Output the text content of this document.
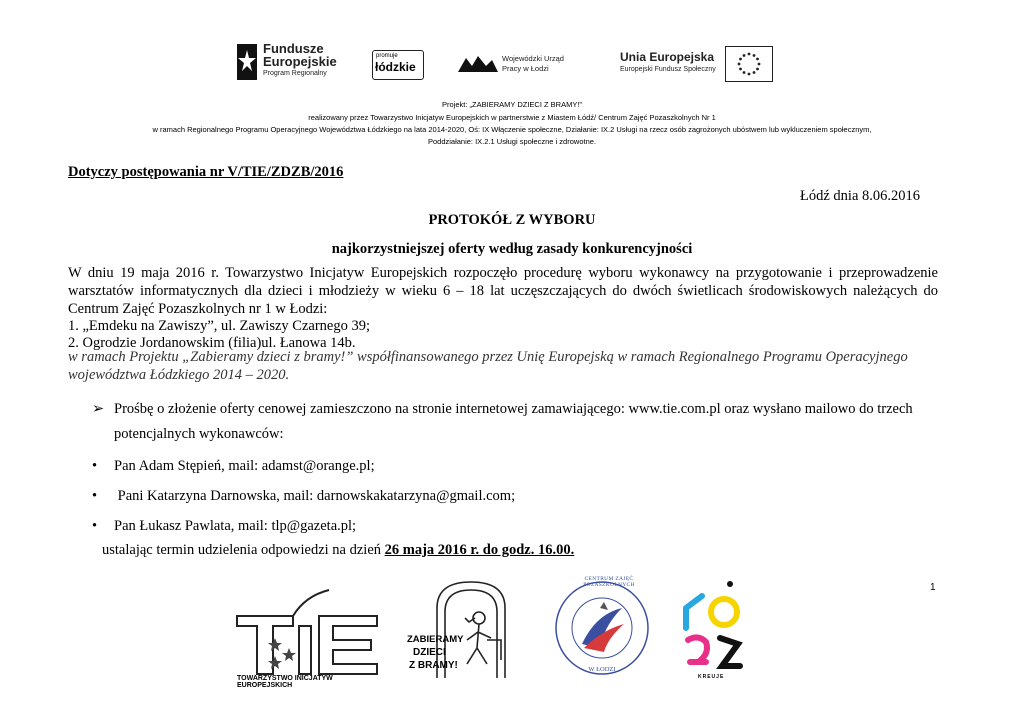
Fundusze
Europejskie
Program Regionalny
promuje
łódzkie
Wojewódzki Urząd
Pracy w Łodzi
Unia Europejska
Europejski Fundusz Społeczny
Projekt: „ZABIERAMY DZIECI Z BRAMY!”
realizowany przez Towarzystwo Inicjatyw Europejskich w partnerstwie z Miastem Łódź/ Centrum Zajęć Pozaszkolnych Nr 1
w ramach Regionalnego Programu Operacyjnego Województwa Łódzkiego na lata 2014-2020, Oś: IX Włączenie społeczne, Działanie: IX.2 Usługi na rzecz osób zagrożonych ubóstwem lub wykluczeniem społecznym,
Poddziałanie: IX.2.1 Usługi społeczne i zdrowotne.
Dotyczy postępowania nr V/TIE/ZDZB/2016
Łódź dnia 8.06.2016
PROTOKÓŁ Z WYBORU
najkorzystniejszej oferty według zasady konkurencyjności
W dniu 19 maja 2016 r. Towarzystwo Inicjatyw Europejskich rozpoczęło procedurę wyboru wykonawcy na przygotowanie i przeprowadzenie warsztatów informatycznych dla dzieci i młodzieży w wieku 6 – 18 lat uczęszczających do dwóch świetlicach środowiskowych należących do Centrum Zajęć Pozaszkolnych nr 1 w Łodzi:
1. „Emdeku na Zawiszy”, ul. Zawiszy Czarnego 39;
2. Ogrodzie Jordanowskim (filia)ul. Łanowa 14b.
w ramach Projektu „Zabieramy dzieci z bramy!” współfinansowanego przez Unię Europejską w ramach Regionalnego Programu Operacyjnego województwa Łódzkiego 2014 – 2020.
➢ Prośbę o złożenie oferty cenowej zamieszczono na stronie internetowej zamawiającego: www.tie.com.pl oraz wysłano mailowo do trzech
potencjalnych wykonawców:
• Pan Adam Stępień, mail: adamst@orange.pl;
• Pani Katarzyna Darnowska, mail: darnowskakatarzyna@gmail.com;
• Pan Łukasz Pawlata, mail: tlp@gazeta.pl;
ustalając termin udzielenia odpowiedzi na dzień 26 maja 2016 r. do godz. 16.00.
1
TOWARZYSTWO INICJATYW EUROPEJSKICH
ZABIERAMY
DZIECI
Z BRAMY!
CENTRUM ZAJĘĆ POZASZKOLNYCH
W ŁODZI
KREUJE
